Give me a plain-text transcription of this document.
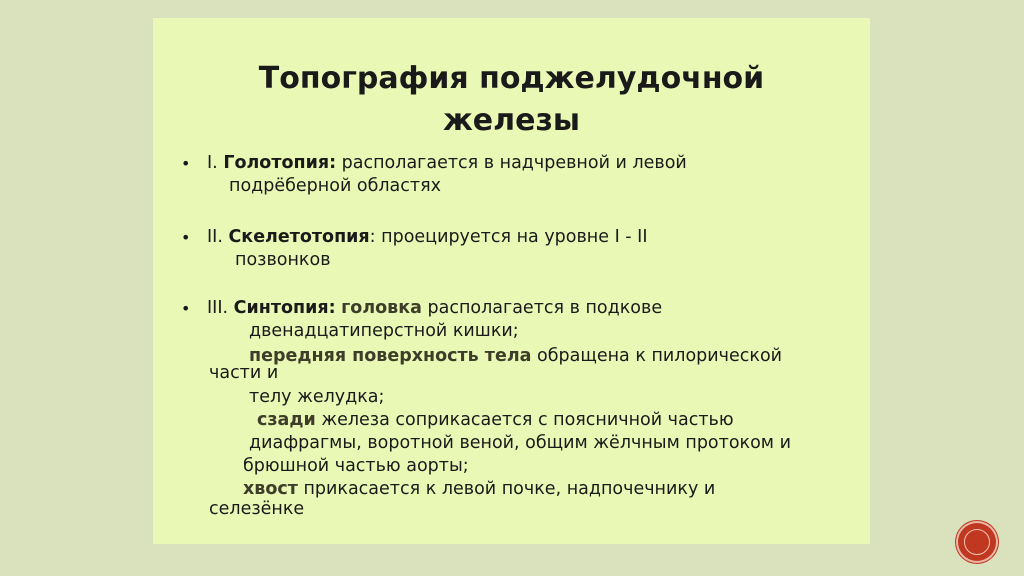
Топография поджелудочной
железы
• I. Голотопия: располагается в надчревной и левой
подрёберной областях
• II. Скелетотопия: проецируется на уровне I - II
позвонков
• III. Синтопия: головка располагается в подкове
двенадцатиперстной кишки;
передняя поверхность тела обращена к пилорической
части и
телу желудка;
сзади железа соприкасается с поясничной частью
диафрагмы, воротной веной, общим жёлчным протоком и
брюшной частью аорты;
хвост прикасается к левой почке, надпочечнику и
селезёнке
